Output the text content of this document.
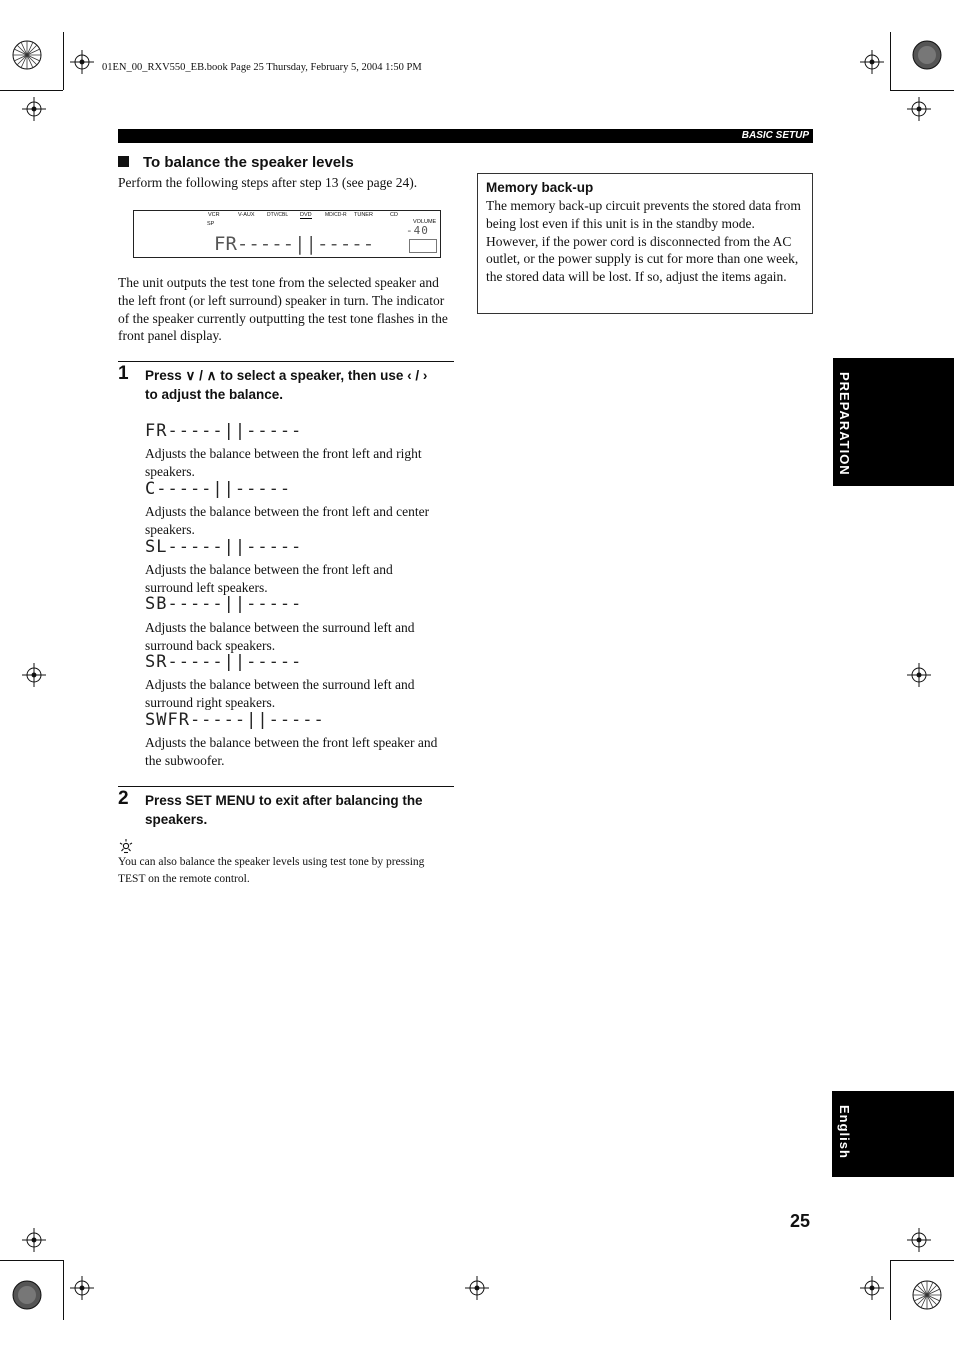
01EN_00_RXV550_EB.book Page 25 Thursday, February 5, 2004 1:50 PM
BASIC SETUP
To balance the speaker levels
Perform the following steps after step 13 (see page 24).
VCR	V-AUX DTV/CBL DVD	MD/CD-R TUNER	CD
SP	VOLUME
-40
FR-----||-----
The unit outputs the test tone from the selected speaker and the left front (or left surround) speaker in turn. The indicator of the speaker currently outputting the test tone flashes in the front panel display.
1 Press ∨ / ∧ to select a speaker, then use ‹ / ›
to adjust the balance.
FR-----||-----
Adjusts the balance between the front left and right speakers.
C-----||-----
Adjusts the balance between the front left and center speakers.
SL-----||-----
Adjusts the balance between the front left and surround left speakers.
SB-----||-----
Adjusts the balance between the surround left and surround back speakers.
SR-----||-----
Adjusts the balance between the surround left and surround right speakers.
SWFR-----||-----
Adjusts the balance between the front left speaker and the subwoofer.
2 Press SET MENU to exit after balancing the
speakers.
You can also balance the speaker levels using test tone by pressing TEST on the remote control.
Memory back-up
The memory back-up circuit prevents the stored data from being lost even if this unit is in the standby mode. However, if the power cord is disconnected from the AC outlet, or the power supply is cut for more than one week, the stored data will be lost. If so, adjust the items again.
PREPARATION
English
25
